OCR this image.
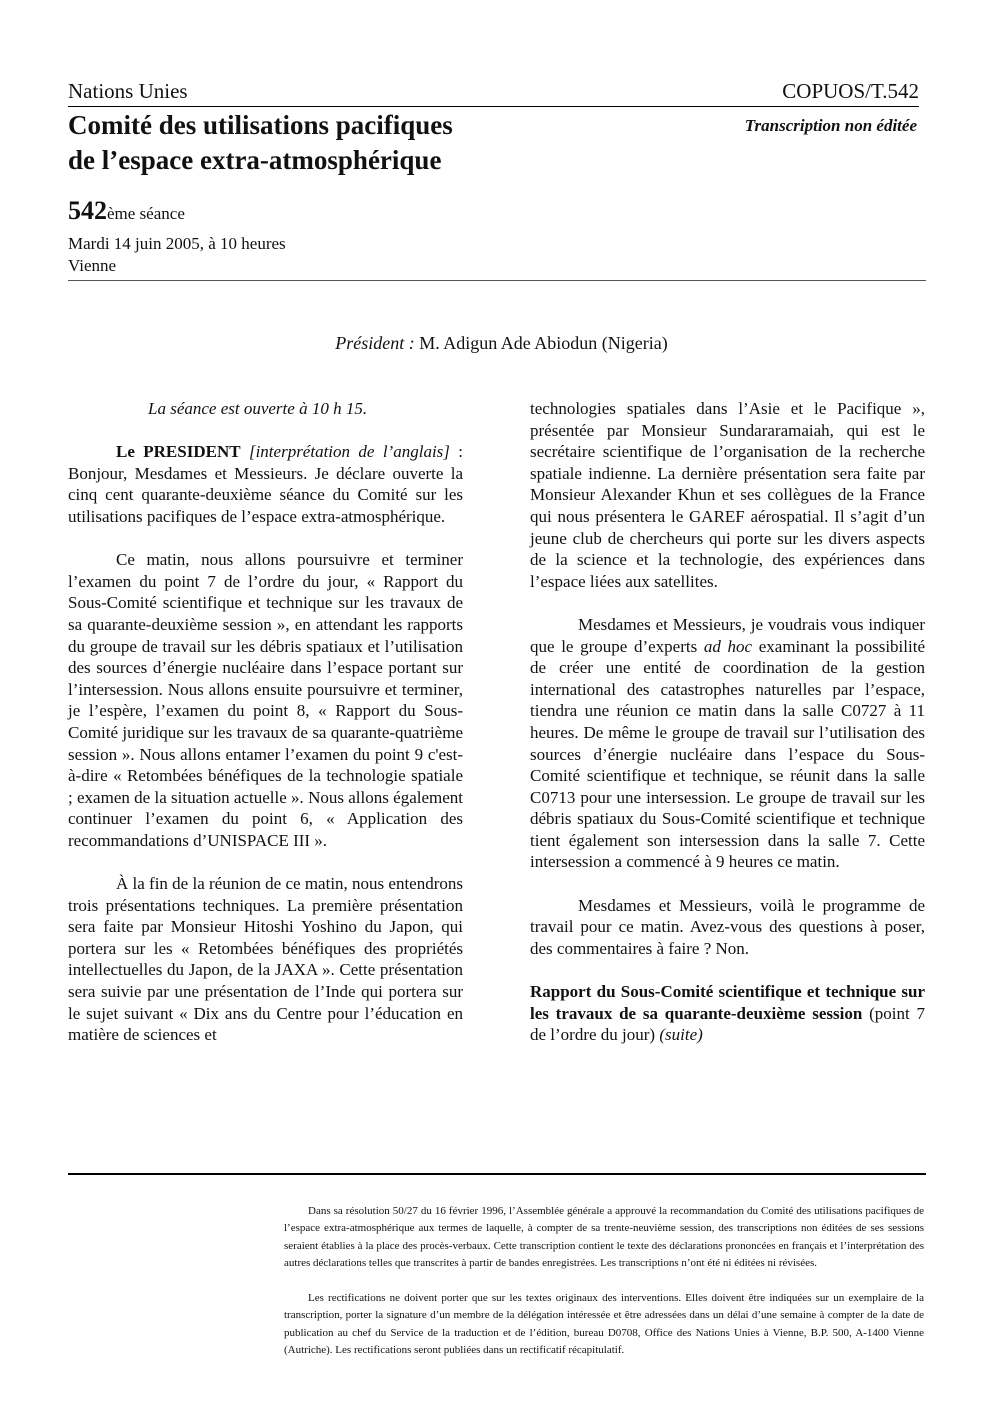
Nations Unies	COPUOS/T.542
Comité des utilisations pacifiques
de l’espace extra-atmosphérique
Transcription non éditée
542ème séance
Mardi 14 juin 2005, à 10 heures
Vienne
Président : M. Adigun Ade Abiodun (Nigeria)

La séance est ouverte à 10 h 15.

Le PRESIDENT [interprétation de l’anglais] : Bonjour, Mesdames et Messieurs. Je déclare ouverte la cinq cent quarante-deuxième séance du Comité sur les utilisations pacifiques de l’espace extra-atmosphérique.

Ce matin, nous allons poursuivre et terminer l’examen du point 7 de l’ordre du jour, « Rapport du Sous-Comité scientifique et technique sur les travaux de sa quarante-deuxième session », en attendant les rapports du groupe de travail sur les débris spatiaux et l’utilisation des sources d’énergie nucléaire dans l’espace portant sur l’intersession. Nous allons ensuite poursuivre et terminer, je l’espère, l’examen du point 8, « Rapport du Sous-Comité juridique sur les travaux de sa quarante-quatrième session ». Nous allons entamer l’examen du point 9 c'est-à-dire « Retombées bénéfiques de la technologie spatiale ; examen de la situation actuelle ». Nous allons également continuer l’examen du point 6, « Application des recommandations d’UNISPACE III ».

À la fin de la réunion de ce matin, nous entendrons trois présentations techniques. La première présentation sera faite par Monsieur Hitoshi Yoshino du Japon, qui portera sur les « Retombées bénéfiques des propriétés intellectuelles du Japon, de la JAXA ». Cette présentation sera suivie par une présentation de l’Inde qui portera sur le sujet suivant « Dix ans du Centre pour l’éducation en matière de sciences et

technologies spatiales dans l’Asie et le Pacifique », présentée par Monsieur Sundararamaiah, qui est le secrétaire scientifique de l’organisation de la recherche spatiale indienne. La dernière présentation sera faite par Monsieur Alexander Khun et ses collègues de la France qui nous présentera le GAREF aérospatial. Il s’agit d’un jeune club de chercheurs qui porte sur les divers aspects de la science et la technologie, des expériences dans l’espace liées aux satellites.

Mesdames et Messieurs, je voudrais vous indiquer que le groupe d’experts ad hoc examinant la possibilité de créer une entité de coordination de la gestion international des catastrophes naturelles par l’espace, tiendra une réunion ce matin dans la salle C0727 à 11 heures. De même le groupe de travail sur l’utilisation des sources d’énergie nucléaire dans l’espace du Sous-Comité scientifique et technique, se réunit dans la salle C0713 pour une intersession. Le groupe de travail sur les débris spatiaux du Sous-Comité scientifique et technique tient également son intersession dans la salle 7. Cette intersession a commencé à 9 heures ce matin.

Mesdames et Messieurs, voilà le programme de travail pour ce matin. Avez-vous des questions à poser, des commentaires à faire ? Non.

Rapport du Sous-Comité scientifique et technique sur les travaux de sa quarante-deuxième session (point 7 de l’ordre du jour) (suite)

Dans sa résolution 50/27 du 16 février 1996, l’Assemblée générale a approuvé la recommandation du Comité des utilisations pacifiques de l’espace extra-atmosphérique aux termes de laquelle, à compter de sa trente-neuvième session, des transcriptions non éditées de ses sessions seraient établies à la place des procès-verbaux. Cette transcription contient le texte des déclarations prononcées en français et l’interprétation des autres déclarations telles que transcrites à partir de bandes enregistrées. Les transcriptions n’ont été ni éditées ni révisées.

Les rectifications ne doivent porter que sur les textes originaux des interventions. Elles doivent être indiquées sur un exemplaire de la transcription, porter la signature d’un membre de la délégation intéressée et être adressées dans un délai d’une semaine à compter de la date de publication au chef du Service de la traduction et de l’édition, bureau D0708, Office des Nations Unies à Vienne, B.P. 500, A-1400 Vienne (Autriche). Les rectifications seront publiées dans un rectificatif récapitulatif.
